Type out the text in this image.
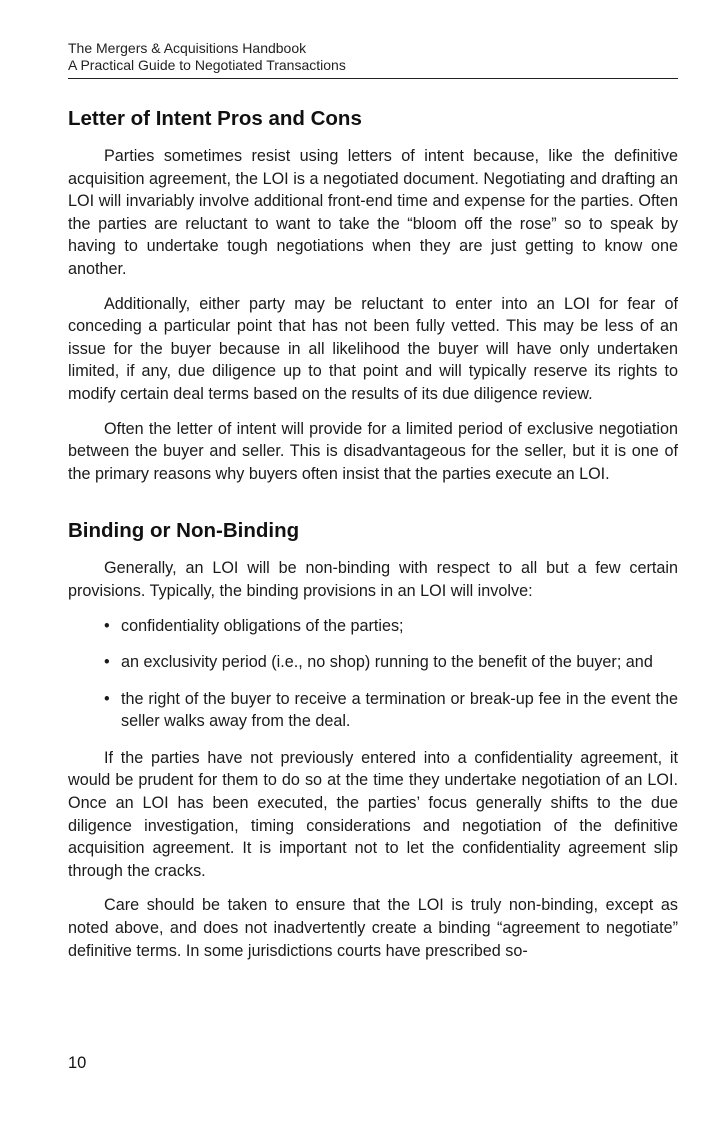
The Mergers & Acquisitions Handbook
A Practical Guide to Negotiated Transactions
Letter of Intent Pros and Cons

Parties sometimes resist using letters of intent because, like the definitive acquisition agreement, the LOI is a negotiated document. Negotiating and drafting an LOI will invariably involve additional front-end time and expense for the parties. Often the parties are reluctant to want to take the “bloom off the rose” so to speak by having to undertake tough negotiations when they are just getting to know one another.

Additionally, either party may be reluctant to enter into an LOI for fear of conceding a particular point that has not been fully vetted. This may be less of an issue for the buyer because in all likelihood the buyer will have only undertaken limited, if any, due diligence up to that point and will typically reserve its rights to modify certain deal terms based on the results of its due diligence review.

Often the letter of intent will provide for a limited period of exclusive negotiation between the buyer and seller. This is disadvantageous for the seller, but it is one of the primary reasons why buyers often insist that the parties execute an LOI.

Binding or Non-Binding

Generally, an LOI will be non-binding with respect to all but a few certain provisions. Typically, the binding provisions in an LOI will involve:

• confidentiality obligations of the parties;
• an exclusivity period (i.e., no shop) running to the benefit of the buyer; and
• the right of the buyer to receive a termination or break-up fee in the event the seller walks away from the deal.

If the parties have not previously entered into a confidentiality agreement, it would be prudent for them to do so at the time they undertake negotiation of an LOI. Once an LOI has been executed, the parties’ focus generally shifts to the due diligence investigation, timing considerations and negotiation of the definitive acquisition agreement. It is important not to let the confidentiality agreement slip through the cracks.

Care should be taken to ensure that the LOI is truly non-binding, except as noted above, and does not inadvertently create a binding “agreement to negotiate” definitive terms. In some jurisdictions courts have prescribed so-

10
